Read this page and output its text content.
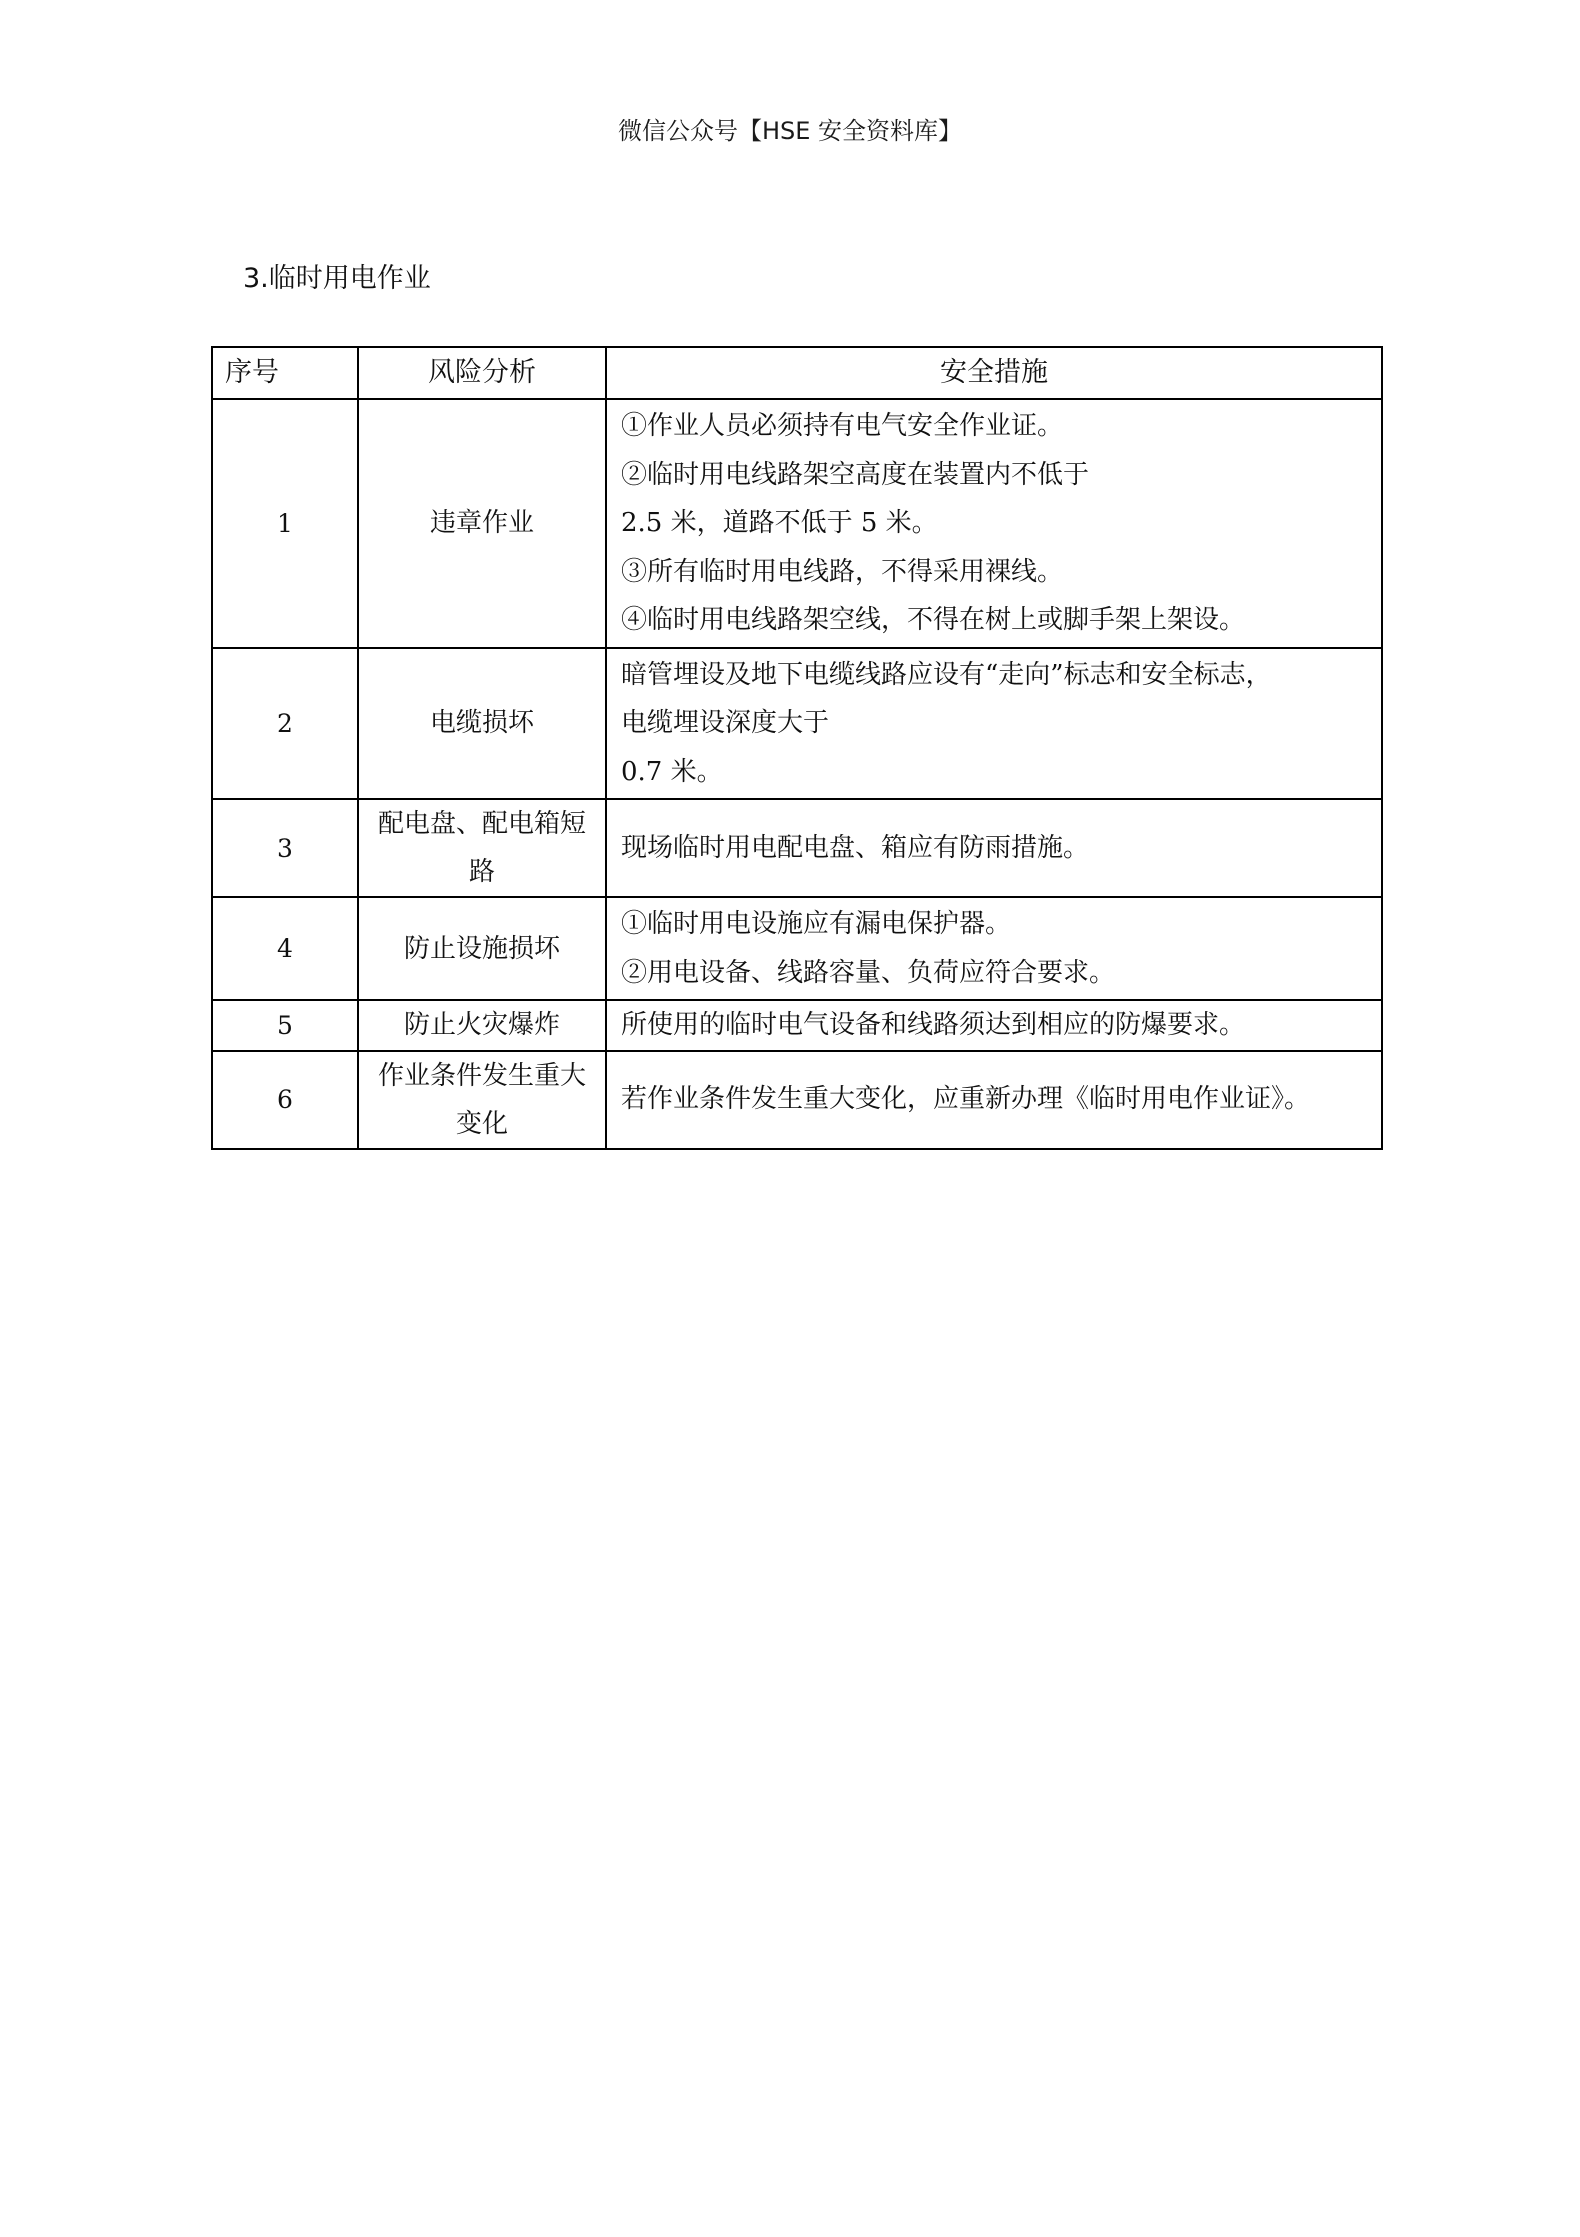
微信公众号【HSE 安全资料库】
3.临时用电作业
序号	风险分析	安全措施
1	违章作业	①作业人员必须持有电气安全作业证。
②临时用电线路架空高度在装置内不低于
2.5 米，道路不低于 5 米。
③所有临时用电线路，不得采用裸线。
④临时用电线路架空线，不得在树上或脚手架上架设。

2	电缆损坏	暗管埋设及地下电缆线路应设有“走向”标志和安全标志，
电缆埋设深度大于
0.7 米。

3	配电盘、配电箱短路	现场临时用电配电盘、箱应有防雨措施。

4	防止设施损坏	①临时用电设施应有漏电保护器。
②用电设备、线路容量、负荷应符合要求。

5	防止火灾爆炸	所使用的临时电气设备和线路须达到相应的防爆要求。

6	作业条件发生重大变化	若作业条件发生重大变化，应重新办理《临时用电作业证》。
